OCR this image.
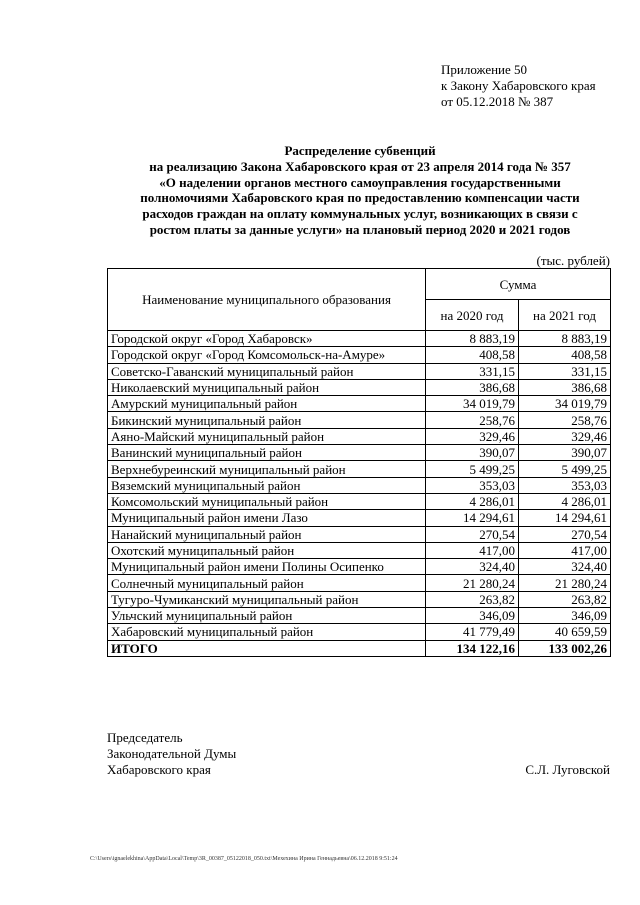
Приложение 50
к Закону Хабаровского края
от 05.12.2018 № 387
Распределение субвенций
на реализацию Закона Хабаровского края от 23 апреля 2014 года № 357
«О наделении органов местного самоуправления государственными
полномочиями Хабаровского края по предоставлению компенсации части
расходов граждан на оплату коммунальных услуг, возникающих в связи с
ростом платы за данные услуги» на плановый период 2020 и 2021 годов
(тыс. рублей)
Наименование муниципального образования	Сумма	
	на 2020 год	на 2021 год
Городской округ «Город Хабаровск»	8 883,19	8 883,19
Городской округ «Город Комсомольск-на-Амуре»	408,58	408,58
Советско-Гаванский муниципальный район	331,15	331,15
Николаевский муниципальный район	386,68	386,68
Амурский муниципальный район	34 019,79	34 019,79
Бикинский муниципальный район	258,76	258,76
Аяно-Майский муниципальный район	329,46	329,46
Ванинский муниципальный район	390,07	390,07
Верхнебуреинский муниципальный район	5 499,25	5 499,25
Вяземский муниципальный район	353,03	353,03
Комсомольский муниципальный район	4 286,01	4 286,01
Муниципальный район имени Лазо	14 294,61	14 294,61
Нанайский муниципальный район	270,54	270,54
Охотский муниципальный район	417,00	417,00
Муниципальный район имени Полины Осипенко	324,40	324,40
Солнечный муниципальный район	21 280,24	21 280,24
Тугуро-Чумиканский муниципальный район	263,82	263,82
Ульчский муниципальный район	346,09	346,09
Хабаровский муниципальный район	41 779,49	40 659,59
ИТОГО	134 122,16	133 002,26
Председатель
Законодательной Думы
Хабаровского края	С.Л. Луговской
C:\Users\ignaelekhina\AppData\Local\Temp\3R_00387_05122018_050.txt\Мехехина Ирина Геннадьевна\06.12.2018 9:51:24
